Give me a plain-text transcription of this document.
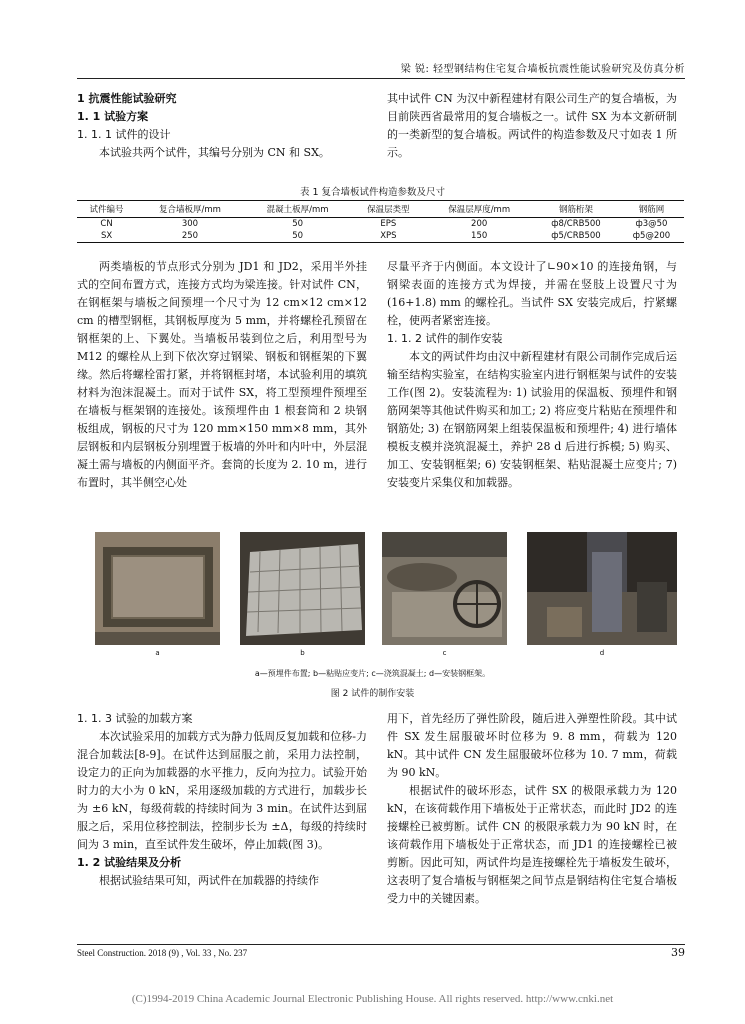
梁 锐: 轻型钢结构住宅复合墙板抗震性能试验研究及仿真分析
1 抗震性能试验研究
1. 1 试验方案
1. 1. 1 试件的设计

本试验共两个试件，其编号分别为 CN 和 SX。

其中试件 CN 为汉中新程建材有限公司生产的复合墙板，为目前陕西省最常用的复合墙板之一。试件 SX 为本文新研制的一类新型的复合墙板。两试件的构造参数及尺寸如表 1 所示。

表 1 复合墙板试件构造参数及尺寸
试件编号	复合墙板厚/mm	混凝土板厚/mm	保温层类型	保温层厚度/mm	钢筋桁架	钢筋网
CN	300	50	EPS	200	ф8/CRB500	ф3@50
SX	250	50	XPS	150	ф5/CRB500	ф5@200

两类墙板的节点形式分别为 JD1 和 JD2，采用半外挂式的空间布置方式，连接方式均为梁连接。针对试件 CN，在钢框架与墙板之间预埋一个尺寸为 12 cm×12 cm×12 cm 的槽型钢框，其钢板厚度为 5 mm，并将螺栓孔预留在钢框架的上、下翼处。当墙板吊装到位之后，利用型号为 M12 的螺栓从上到下依次穿过钢梁、钢板和钢框架的下翼缘。然后将螺栓雷打紧，并将钢框封堵，本试验利用的填筑材料为泡沫混凝土。而对于试件 SX，将工型预埋件预埋至在墙板与框架钢的连接处。该预埋件由 1 根套筒和 2 块钢板组成，钢板的尺寸为 120 mm×150 mm×8 mm，其外层钢板和内层钢板分别埋置于板墙的外叶和内叶中，外层混凝土需与墙板的内侧面平齐。套筒的长度为 2. 10 m，进行布置时，其半侧空心处

尽量平齐于内侧面。本文设计了∟90×10 的连接角钢，与钢梁表面的连接方式为焊接，并需在竖肢上设置尺寸为(16+1.8) mm 的螺栓孔。当试件 SX 安装完成后，拧紧螺栓，使两者紧密连接。

1. 1. 2 试件的制作安装

本文的两试件均由汉中新程建材有限公司制作完成后运输至结构实验室，在结构实验室内进行钢框架与试件的安装工作(图 2)。安装流程为: 1) 试验用的保温板、预埋件和钢筋网架等其他试件购买和加工; 2) 将应变片粘贴在预埋件和钢筋处; 3) 在钢筋网架上组装保温板和预埋件; 4) 进行墙体模板支模并浇筑混凝土，养护 28 d 后进行拆模; 5) 购买、加工、安装钢框架; 6) 安装钢框架、粘贴混凝土应变片; 7) 安装变片采集仪和加载器。

a	b	c	d
a—预埋件布置; b—粘贴应变片; c—浇筑混凝土; d—安装钢框架。
图 2 试件的制作安装
1. 1. 3 试验的加载方案

本次试验采用的加载方式为静力低周反复加载和位移-力混合加载法[8-9]。在试件达到屈服之前，采用力法控制，设定力的正向为加载器的水平推力，反向为拉力。试验开始时力的大小为 0 kN，采用逐级加载的方式进行，加载步长为 ±6 kN，每级荷载的持续时间为 3 min。在试件达到屈服之后，采用位移控制法，控制步长为 ±Δ，每级的持续时间为 3 min，直至试件发生破坏，停止加载(图 3)。

1. 2 试验结果及分析

根据试验结果可知，两试件在加载器的持续作

用下，首先经历了弹性阶段，随后进入弹塑性阶段。其中试件 SX 发生屈服破坏时位移为 9. 8 mm，荷载为 120 kN。其中试件 CN 发生屈服破坏位移为 10. 7 mm，荷载为 90 kN。

根据试件的破坏形态，试件 SX 的极限承载力为 120 kN，在该荷载作用下墙板处于正常状态，而此时 JD2 的连接螺栓已被剪断。试件 CN 的极限承载力为 90 kN 时，在该荷载作用下墙板处于正常状态，而 JD1 的连接螺栓已被剪断。因此可知，两试件均是连接螺栓先于墙板发生破坏，这表明了复合墙板与钢框架之间节点是钢结构住宅复合墙板受力中的关键因素。

Steel Construction. 2018 (9) , Vol. 33 , No. 237	39
(C)1994-2019 China Academic Journal Electronic Publishing House. All rights reserved. http://www.cnki.net
